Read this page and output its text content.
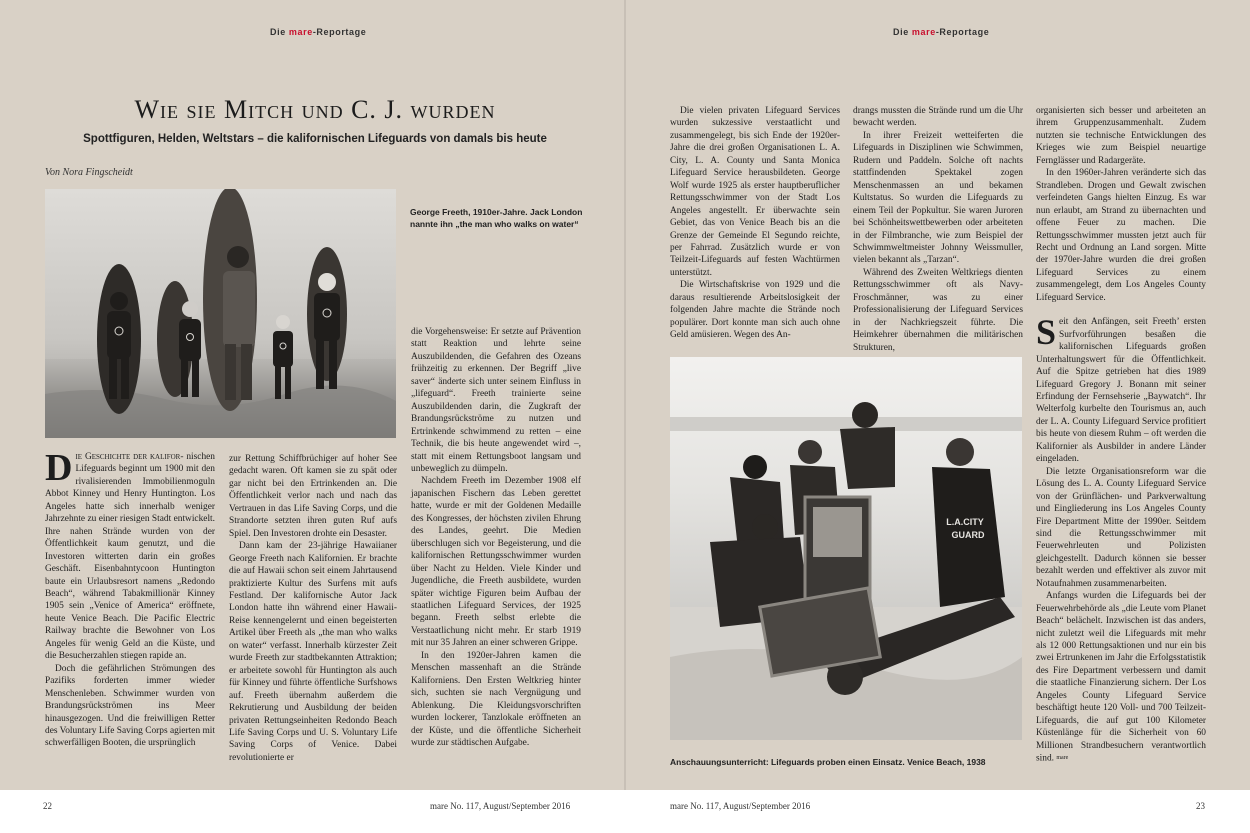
Die mare-Reportage	Die mare-Reportage
Wie sie Mitch und C. J. wurden
Spottfiguren, Helden, Weltstars – die kalifornischen Lifeguards von damals bis heute
Von Nora Fingscheidt
George Freeth, 1910er-Jahre. Jack London nannte ihn „the man who walks on water“

Die Geschichte der kalifor- nischen Lifeguards beginnt um 1900 mit den rivalisierenden Immobilienmoguln Abbot Kinney und Henry Huntington. Los Angeles hatte sich innerhalb weniger Jahrzehnte zu einer riesigen Stadt entwickelt. Ihre nahen Strände wurden von der Öffentlichkeit kaum genutzt, und die Investoren witterten darin ein großes Geschäft. Eisenbahntycoon Huntington baute ein Urlaubsresort namens „Redondo Beach“, während Tabakmillionär Kinney 1905 sein „Venice of America“ eröffnete, heute Venice Beach. Die Pacific Electric Railway brachte die Bewohner von Los Angeles für wenig Geld an die Küste, und die Besucherzahlen stiegen rapide an.

Doch die gefährlichen Strömungen des Pazifiks forderten immer wieder Menschenleben. Schwimmer wurden von Brandungsrückströmen ins Meer hinausgezogen. Und die freiwilligen Retter des Voluntary Life Saving Corps agierten mit schwerfälligen Booten, die ursprünglich

zur Rettung Schiffbrüchiger auf hoher See gedacht waren. Oft kamen sie zu spät oder gar nicht bei den Ertrinkenden an. Die Öffentlichkeit verlor nach und nach das Vertrauen in das Life Saving Corps, und die Strandorte setzten ihren guten Ruf aufs Spiel. Den Investoren drohte ein Desaster.

Dann kam der 23-jährige Hawaiianer George Freeth nach Kalifornien. Er brachte die auf Hawaii schon seit einem Jahrtausend praktizierte Kultur des Surfens mit aufs Festland. Der kalifornische Autor Jack London hatte ihn während einer Hawaii-Reise kennengelernt und einen begeisterten Artikel über Freeth als „the man who walks on water“ verfasst. Innerhalb kürzester Zeit wurde Freeth zur stadtbekannten Attraktion; er arbeitete sowohl für Huntington als auch für Kinney und führte öffentliche Surfshows auf. Freeth übernahm außerdem die Rekrutierung und Ausbildung der beiden privaten Rettungseinheiten Redondo Beach Life Saving Corps und U. S. Voluntary Life Saving Corps of Venice. Dabei revolutionierte er

die Vorgehensweise: Er setzte auf Prävention statt Reaktion und lehrte seine Auszubildenden, die Gefahren des Ozeans frühzeitig zu erkennen. Der Begriff „live saver“ änderte sich unter seinem Einfluss in „lifeguard“. Freeth trainierte seine Auszubildenden darin, die Zugkraft der Brandungsrückströme zu nutzen und Ertrinkende schwimmend zu retten – eine Technik, die bis heute angewendet wird –, statt mit einem Rettungsboot langsam und unbeweglich zu dümpeln.

Nachdem Freeth im Dezember 1908 elf japanischen Fischern das Leben gerettet hatte, wurde er mit der Goldenen Medaille des Kongresses, der höchsten zivilen Ehrung des Landes, geehrt. Die Medien überschlugen sich vor Begeisterung, und die kalifornischen Rettungsschwimmer wurden über Nacht zu Helden. Viele Kinder und Jugendliche, die Freeth ausbildete, wurden später wichtige Figuren beim Aufbau der staatlichen Lifeguard Services, der 1925 begann. Freeth selbst erlebte die Verstaatlichung nicht mehr. Er starb 1919 mit nur 35 Jahren an einer schweren Grippe.

In den 1920er-Jahren kamen die Menschen massenhaft an die Strände Kaliforniens. Den Ersten Weltkrieg hinter sich, suchten sie nach Vergnügung und Ablenkung. Die Kleidungsvorschriften wurden lockerer, Tanzlokale eröffneten an der Küste, und die öffentliche Sicherheit wurde zur städtischen Aufgabe.

Die vielen privaten Lifeguard Services wurden sukzessive verstaatlicht und zusammengelegt, bis sich Ende der 1920er-Jahre die drei großen Organisationen L. A. City, L. A. County und Santa Monica Lifeguard Service herausbildeten. George Wolf wurde 1925 als erster hauptberuflicher Rettungsschwimmer von der Stadt Los Angeles angestellt. Er überwachte sein Gebiet, das von Venice Beach bis an die Grenze der Gemeinde El Segundo reichte, per Fahrrad. Zusätzlich wurde er von Teilzeit-Lifeguards auf festen Wachtürmen unterstützt.

Die Wirtschaftskrise von 1929 und die daraus resultierende Arbeitslosigkeit der folgenden Jahre machte die Strände noch populärer. Dort konnte man sich auch ohne Geld amüsieren. Wegen des An-

drangs mussten die Strände rund um die Uhr bewacht werden.

In ihrer Freizeit wetteiferten die Lifeguards in Disziplinen wie Schwimmen, Rudern und Paddeln. Solche oft nachts stattfindenden Spektakel zogen Menschenmassen an und bekamen Kultstatus. So wurden die Lifeguards zu einem Teil der Popkultur. Sie waren Juroren bei Schönheitswettbewerben oder arbeiteten in der Filmbranche, wie zum Beispiel der Schwimmweltmeister Johnny Weissmuller, vielen bekannt als „Tarzan“.

Während des Zweiten Weltkriegs dienten Rettungsschwimmer oft als Navy-Froschmänner, was zu einer Professionalisierung der Lifeguard Services in der Nachkriegszeit führte. Die Heimkehrer übernahmen die militärischen Strukturen,

organisierten sich besser und arbeiteten an ihrem Gruppenzusammenhalt. Zudem nutzten sie technische Entwicklungen des Krieges wie zum Beispiel neuartige Fernglässer und Radargeräte.

In den 1960er-Jahren veränderte sich das Strandleben. Drogen und Gewalt zwischen verfeindeten Gangs hielten Einzug. Es war nun erlaubt, am Strand zu übernachten und offene Feuer zu machen. Die Rettungsschwimmer mussten jetzt auch für Recht und Ordnung an Land sorgen. Mitte der 1970er-Jahre wurden die drei großen Lifeguard Services zu einem zusammengelegt, dem Los Angeles County Lifeguard Service.

Seit den Anfängen, seit Freeth’ ersten Surfvorführungen besaßen die kalifornischen Lifeguards großen Unterhaltungswert für die Öffentlichkeit. Auf die Spitze getrieben hat dies 1989 Lifeguard Gregory J. Bonann mit seiner Erfindung der Fernsehserie „Baywatch“. Ihr Welterfolg kurbelte den Tourismus an, auch der L. A. County Lifeguard Service profitiert bis heute von diesem Ruhm – oft werden die Kalifornier als Ausbilder in andere Länder eingeladen.

Die letzte Organisationsreform war die Lösung des L. A. County Lifeguard Service von der Grünflächen- und Parkverwaltung und Eingliederung ins Los Angeles County Fire Department Mitte der 1990er. Seitdem sind die Rettungsschwimmer mit Feuerwehrleuten und Polizisten gleichgestellt. Dadurch können sie besser bezahlt werden und effektiver als zuvor mit Notaufnahmen zusammenarbeiten.

Anfangs wurden die Lifeguards bei der Feuerwehrbehörde als „die Leute vom Planet Beach“ belächelt. Inzwischen ist das anders, nicht zuletzt weil die Lifeguards mit mehr als 12 000 Rettungsaktionen und nur ein bis zwei Ertrunkenen im Jahr die Erfolgsstatistik des Fire Department verbessern und damit die staatliche Finanzierung sichern. Der Los Angeles County Lifeguard Service beschäftigt heute 120 Voll- und 700 Teilzeit-Lifeguards, die auf gut 100 Kilometer Küstenlänge für die Sicherheit von 60 Millionen Strandbesuchern verantwortlich sind. mare

L.A.CITY
GUARD
Anschauungsunterricht: Lifeguards proben einen Einsatz. Venice Beach, 1938
22	mare No. 117, August/September 2016	mare No. 117, August/September 2016	23
